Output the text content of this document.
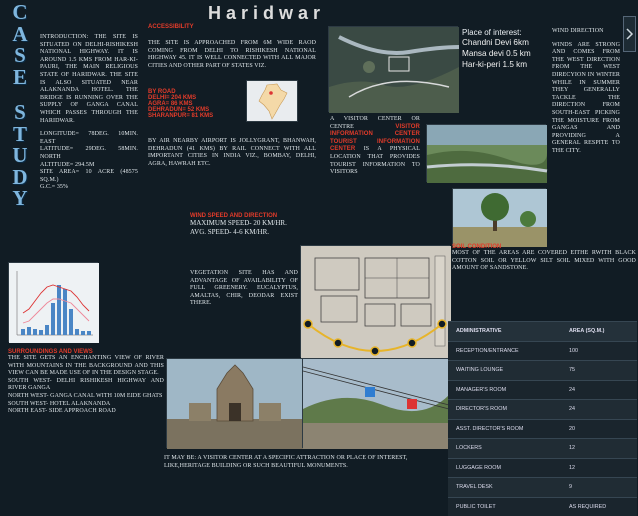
C
A
S
E
S
T
U
D
Y
Haridwar
INTRODUCTION: THE SITE IS SITUATED ON DELHI-RISHIKESH NATIONAL HIGHWAY. IT IS AROUND 1.5 KMS FROM HAR-KI-PAURI, THE MAIN RELIGIOUS STATE OF HARIDWAR. THE SITE IS ALSO SITUATED NEAR ALAKNANDA HOTEL. THE BRIDGE IS RUNNING OVER THE SUPPLY OF GANGA CANAL WHICH PASSES THROUGH THE HARIDWAR.
LONGITUDE= 78DEG. 10MIN. EAST
LATITUDE= 29DEG. 58MIN. NORTH
ALTITUDE= 294.5M
SITE AREA= 10 ACRE (48575 SQ.M.)
G.C.= 35%
ACCESSIBILITY
THE SITE IS APPROACHED FROM 6M WIDE RAOD COMING FROM DELHI TO RISHIKESH NATIONAL HIGHWAY 45. IT IS WELL CONNECTED WITH ALL MAJOR CITIES AND OTHER PART OF STATES VIZ.
BY ROAD
DELHI= 204 KMS
AGRA= 86 KMS
DEHRADUN= 52 KMS
SHARANPUR= 81 KMS
BY AIR NEARBY AIRPORT IS JOLLYGRANT, BHANWAH, DEHRADUN (41 KMS) BY RAIL CONNECT WITH ALL IMPORTANT CITIES IN INDIA VIZ., BOMBAY, DELHI, AGRA, HAWRAH ETC.
Place of interest:
Chandni Devi 6km
Mansa devi 0.5 km
Har-ki-peri 1.5 km
WIND DIRECTION
WINDS ARE STRONG AND COMES FROM THE WEST DIRECTION FROM THE WEST DIRECYION IN WINTER WHILE IN SUMMER THEY GENERALLY TACKLE THE DIRECTION FROM SOUTH-EAST PICKING THE MOISTURE FROM GANGAS AND PROVIDING A GENERAL RESPITE TO THE CITY.
A VISITOR CENTER OR CENTRE	VISITOR INFORMATION CENTER TOURIST INFORMATION CENTER IS A PHYSICAL LOCATION THAT PROVIDES TOURIST INFORMATION TO VISITORS
WIND SPEED AND DIRECTION
MAXIMUM SPEED- 20 KM/HR.
AVG. SPEED- 4-6 KM/HR.
VEGETATION SITE HAS AND ADVANTAGE OF AVAILABILITY OF FULL GREENERY. EUCALYPTUS, AMALTAS, CHIR, DEODAR EXIST THERE.
SOIL CONDITION
MOST OF THE AREAS ARE COVERED EITHE RWITH BLACK COTTON SOIL OR YELLOW SILT SOIL MIXED WITH GOOD AMOUNT OF SANDSTONE.
SURROUNDINGS AND VIEWS
THE SITE GETS AN ENCHANTING VIEW OF RIVER WITH MOUNTAINS IN THE BACKGROUND AND THIS VIEW CAN BE MADE USE OF IN THE DESIGN STAGE.
SOUTH WEST- DELHI RISHIKESH HIGHWAY AND RIVER GANGA
NORTH WEST- GANGA CANAL WITH 10M EIDE GHATS
SOUTH WEST- HOTEL ALAKNANDA
NORTH EAST- SIDE APPROACH ROAD
IT MAY BE: A VISITOR CENTER AT A SPECIFIC ATTRACTION OR PLACE OF INTEREST, LIKE,HERITAGE BUILDING OR SUCH BEAUTIFUL MONUMENTS.
ADMINISTRATIVE	AREA (SQ.M.)
RECEPTION/ENTRANCE	100
WAITING LOUNGE	75
MANAGER'S ROOM	24
DIRECTOR'S ROOM	24
ASST. DIRECTOR'S ROOM	20
LOCKERS	12
LUGGAGE ROOM	12
TRAVEL DESK	9
PUBLIC TOILET	AS REQUIRED
